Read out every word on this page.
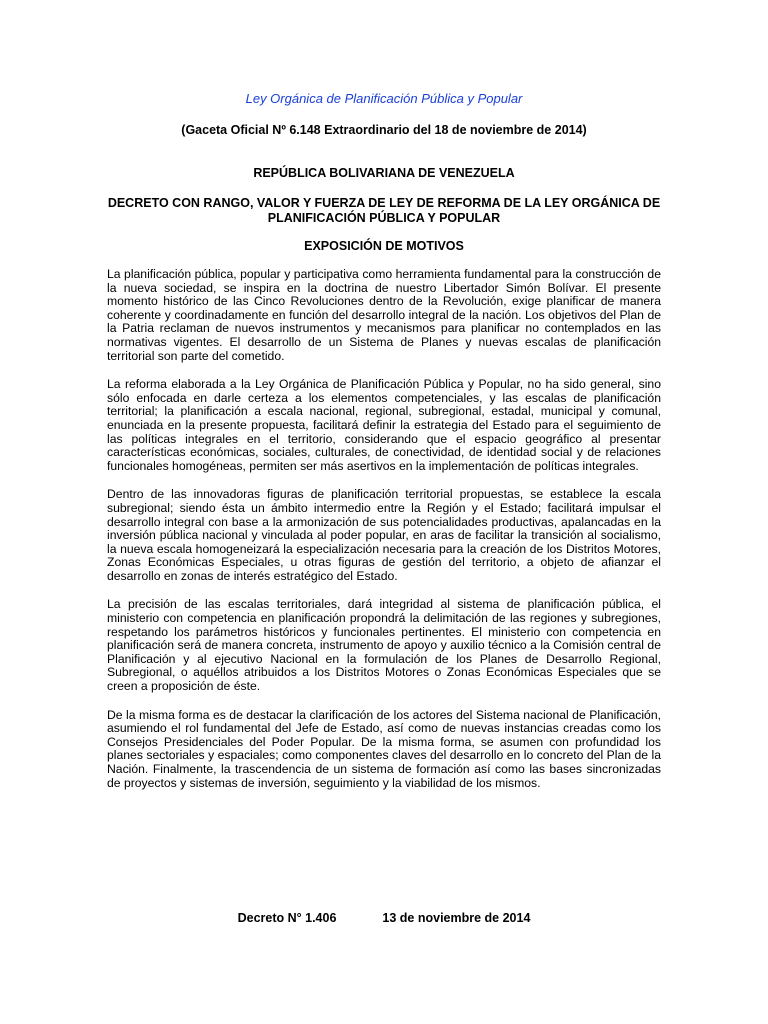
Ley Orgánica de Planificación Pública y Popular
(Gaceta Oficial Nº 6.148 Extraordinario del 18 de noviembre de 2014)
REPÚBLICA BOLIVARIANA DE VENEZUELA
DECRETO CON RANGO, VALOR Y FUERZA DE LEY DE REFORMA DE LA LEY ORGÁNICA DE PLANIFICACIÓN PÚBLICA Y POPULAR
EXPOSICIÓN DE MOTIVOS

La planificación pública, popular y participativa como herramienta fundamental para la construcción de la nueva sociedad, se inspira en la doctrina de nuestro Libertador Simón Bolívar. El presente momento histórico de las Cinco Revoluciones dentro de la Revolución, exige planificar de manera coherente y coordinadamente en función del desarrollo integral de la nación. Los objetivos del Plan de la Patria reclaman de nuevos instrumentos y mecanismos para planificar no contemplados en las normativas vigentes. El desarrollo de un Sistema de Planes y nuevas escalas de planificación territorial son parte del cometido.

La reforma elaborada a la Ley Orgánica de Planificación Pública y Popular, no ha sido general, sino sólo enfocada en darle certeza a los elementos competenciales, y las escalas de planificación territorial; la planificación a escala nacional, regional, subregional, estadal, municipal y comunal, enunciada en la presente propuesta, facilitará definir la estrategia del Estado para el seguimiento de las políticas integrales en el territorio, considerando que el espacio geográfico al presentar características económicas, sociales, culturales, de conectividad, de identidad social y de relaciones funcionales homogéneas, permiten ser más asertivos en la implementación de políticas integrales.

Dentro de las innovadoras figuras de planificación territorial propuestas, se establece la escala subregional; siendo ésta un ámbito intermedio entre la Región y el Estado; facilitará impulsar el desarrollo integral con base a la armonización de sus potencialidades productivas, apalancadas en la inversión pública nacional y vinculada al poder popular, en aras de facilitar la transición al socialismo, la nueva escala homogeneizará la especialización necesaria para la creación de los Distritos Motores, Zonas Económicas Especiales, u otras figuras de gestión del territorio, a objeto de afianzar el desarrollo en zonas de interés estratégico del Estado.

La precisión de las escalas territoriales, dará integridad al sistema de planificación pública, el ministerio con competencia en planificación propondrá la delimitación de las regiones y subregiones, respetando los parámetros históricos y funcionales pertinentes. El ministerio con competencia en planificación será de manera concreta, instrumento de apoyo y auxilio técnico a la Comisión central de Planificación y al ejecutivo Nacional en la formulación de los Planes de Desarrollo Regional, Subregional, o aquéllos atribuidos a los Distritos Motores o Zonas Económicas Especiales que se creen a proposición de éste.

De la misma forma es de destacar la clarificación de los actores del Sistema nacional de Planificación, asumiendo el rol fundamental del Jefe de Estado, así como de nuevas instancias creadas como los Consejos Presidenciales del Poder Popular. De la misma forma, se asumen con profundidad los planes sectoriales y espaciales; como componentes claves del desarrollo en lo concreto del Plan de la Nación. Finalmente, la trascendencia de un sistema de formación así como las bases sincronizadas de proyectos y sistemas de inversión, seguimiento y la viabilidad de los mismos.

Decreto N° 1.406	13 de noviembre de 2014
